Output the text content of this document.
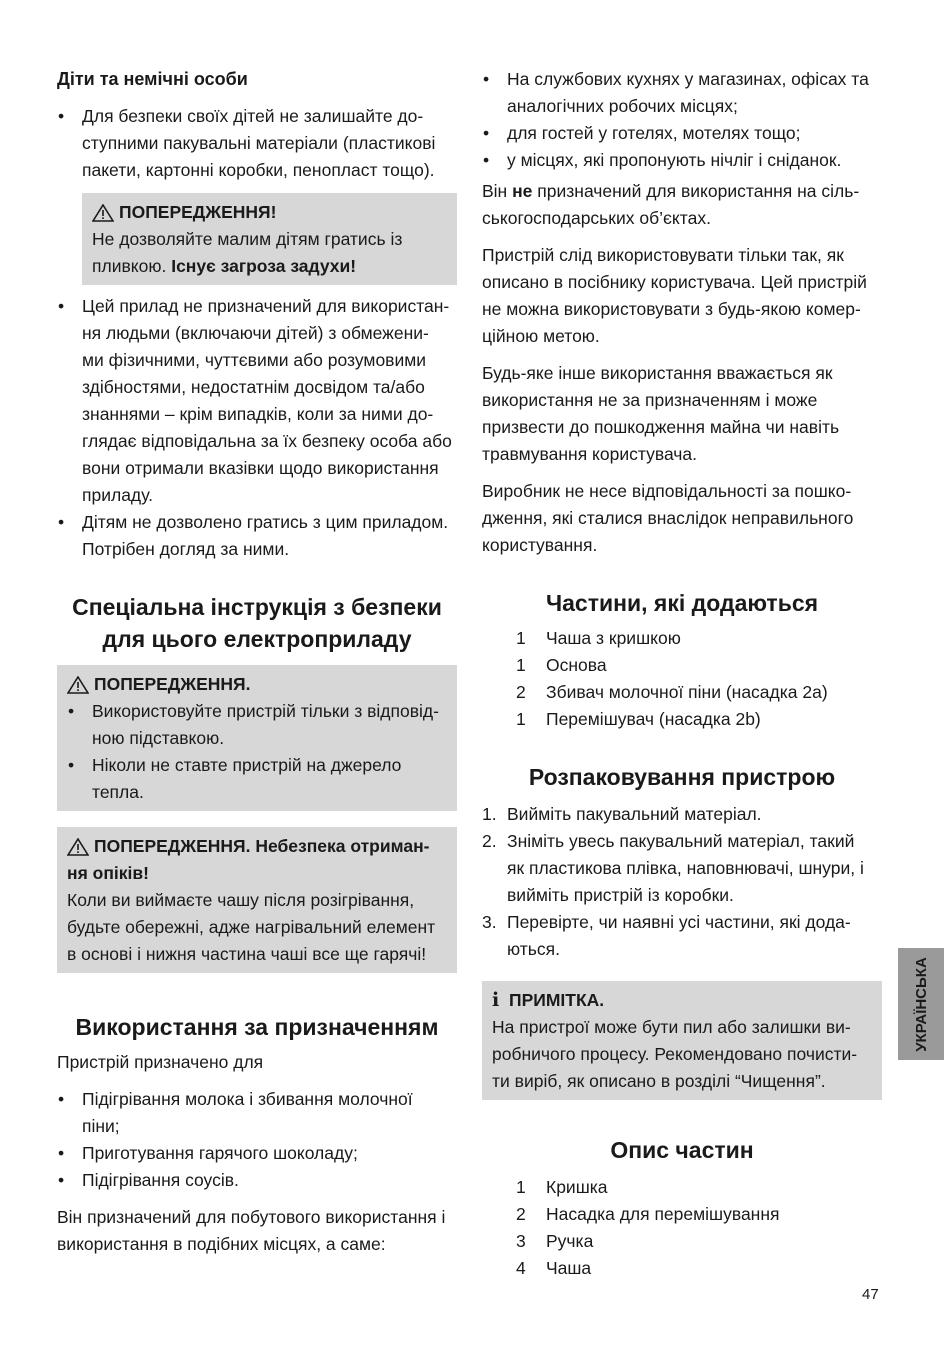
Діти та немічні особи

• Для безпеки своїх дітей не залишайте до-
ступними пакувальні матеріали (пластикові
пакети, картонні коробки, пенопласт тощо).
ПОПЕРЕДЖЕННЯ!
Не дозволяйте малим дітям гратись із
пливкою. Існує загроза задухи!
• Цей прилад не призначений для використан-
ня людьми (включаючи дітей) з обмежени-
ми фізичними, чуттєвими або розумовими
здібностями, недостатнім досвідом та/або
знаннями – крім випадків, коли за ними до-
глядає відповідальна за їх безпеку особа або
вони отримали вказівки щодо використання
приладу.
• Дітям не дозволено гратись з цим приладом.
Потрібен догляд за ними.
Спеціальна інструкція з безпеки
для цього електроприладу
ПОПЕРЕДЖЕННЯ.
• Використовуйте пристрій тільки з відповід-
ною підставкою.
• Ніколи не ставте пристрій на джерело
тепла.
ПОПЕРЕДЖЕННЯ. Небезпека отриман-
ня опіків!
Коли ви виймаєте чашу після розігрівання,
будьте обережні, адже нагрівальний елемент
в основі і нижня частина чаші все ще гарячі!
Використання за призначенням

Пристрій призначено для

• Підігрівання молока і збивання молочної
піни;
• Приготування гарячого шоколаду;
• Підігрівання соусів.

Він призначений для побутового використання і
використання в подібних місцях, а саме:

• На службових кухнях у магазинах, офісах та
аналогічних робочих місцях;
• для гостей у готелях, мотелях тощо;
• у місцях, які пропонують нічліг і сніданок.

Він не призначений для використання на сіль-
ськогосподарських об’єктах.

Пристрій слід використовувати тільки так, як
описано в посібнику користувача. Цей пристрій
не можна використовувати з будь-якою комер-
ційною метою.

Будь-яке інше використання вважається як
використання не за призначенням і може
призвести до пошкодження майна чи навіть
травмування користувача.

Виробник не несе відповідальності за пошко-
дження, які сталися внаслідок неправильного
користування.

Частини, які додаються
1	Чаша з кришкою
1	Основа
2	Збивач молочної піни (насадка 2a)
1	Перемішувач (насадка 2b)
Розпаковування пристрою
1. Вийміть пакувальний матеріал.
2. Зніміть увесь пакувальний матеріал, такий
як пластикова плівка, наповнювачі, шнури, і
вийміть пристрій із коробки.
3. Перевірте, чи наявні усі частини, які дода-
ються.
i ПРИМІТКА.
На пристрої може бути пил або залишки ви-
робничого процесу. Рекомендовано почисти-
ти виріб, як описано в розділі “Чищення”.
Опис частин
1	Кришка
2	Насадка для перемішування
3	Ручка
4	Чаша
УКРАЇНСЬКА
47
